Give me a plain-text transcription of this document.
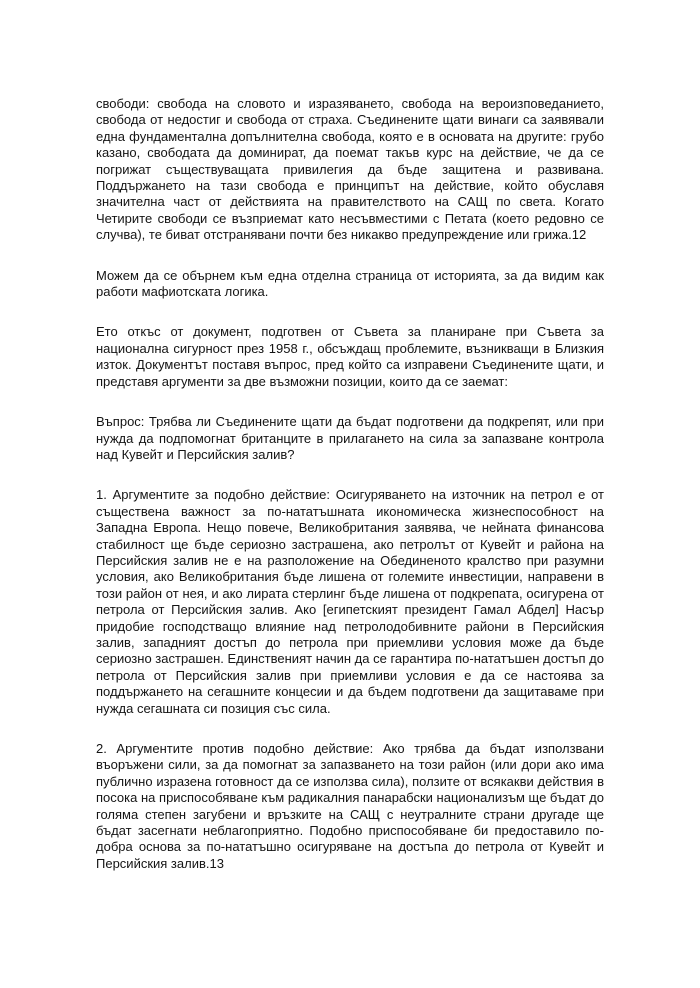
свободи: свобода на словото и изразяването, свобода на вероизповеданието, свобода от недостиг и свобода от страха. Съединените щати винаги са заявявали една фундаментална допълнителна свобода, която е в основата на другите: грубо казано, свободата да доминират, да поемат такъв курс на действие, че да се погрижат съществуващата привилегия да бъде защитена и развивана. Поддържането на тази свобода е принципът на действие, който обуславя значителна част от действията на правителството на САЩ по света. Когато Четирите свободи се възприемат като несъвместими с Петата (което редовно се случва), те биват отстранявани почти без никакво предупреждение или грижа.12

Можем да се обърнем към една отделна страница от историята, за да видим как работи мафиотската логика.

Ето откъс от документ, подготвен от Съвета за планиране при Съвета за национална сигурност през 1958 г., обсъждащ проблемите, възникващи в Близкия изток. Документът поставя въпрос, пред който са изправени Съединените щати, и представя аргументи за две възможни позиции, които да се заемат:

Въпрос: Трябва ли Съединените щати да бъдат подготвени да подкрепят, или при нужда да подпомогнат британците в прилагането на сила за запазване контрола над Кувейт и Персийския залив?

1. Аргументите за подобно действие: Осигуряването на източник на петрол е от съществена важност за по-нататъшната икономическа жизнеспособност на Западна Европа. Нещо повече, Великобритания заявява, че нейната финансова стабилност ще бъде сериозно застрашена, ако петролът от Кувейт и района на Персийския залив не е на разположение на Обединеното кралство при разумни условия, ако Великобритания бъде лишена от големите инвестиции, направени в този район от нея, и ако лирата стерлинг бъде лишена от подкрепата, осигурена от петрола от Персийския залив. Ако [египетският президент Гамал Абдел] Насър придобие господстващо влияние над петролодобивните райони в Персийския залив, западният достъп до петрола при приемливи условия може да бъде сериозно застрашен. Единственият начин да се гарантира по-нататъшен достъп до петрола от Персийския залив при приемливи условия е да се настоява за поддържането на сегашните концесии и да бъдем подготвени да защитаваме при нужда сегашната си позиция със сила.

2. Аргументите против подобно действие: Ако трябва да бъдат използвани въоръжени сили, за да помогнат за запазването на този район (или дори ако има публично изразена готовност да се използва сила), ползите от всякакви действия в посока на приспособяване към радикалния панарабски национализъм ще бъдат до голяма степен загубени и връзките на САЩ с неутралните страни другаде ще бъдат засегнати неблагоприятно. Подобно приспособяване би предоставило по-добра основа за по-нататъшно осигуряване на достъпа до петрола от Кувейт и Персийския залив.13
